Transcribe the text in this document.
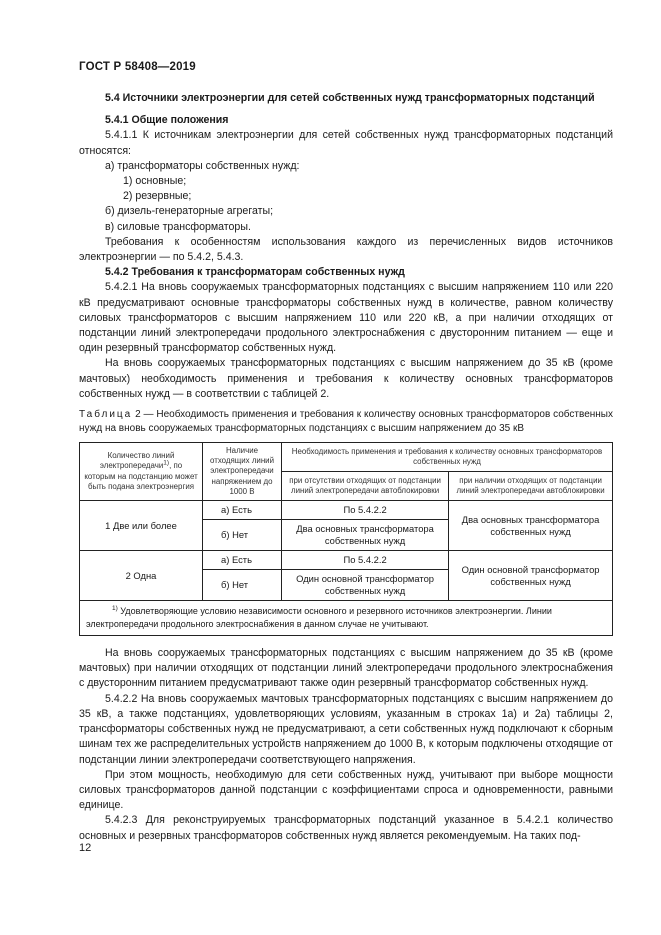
ГОСТ Р 58408—2019

5.4 Источники электроэнергии для сетей собственных нужд трансформаторных подстанций

5.4.1 Общие положения

5.4.1.1 К источникам электроэнергии для сетей собственных нужд трансформаторных подстанций относятся:

а) трансформаторы собственных нужд:

1) основные;

2) резервные;

б) дизель-генераторные агрегаты;

в) силовые трансформаторы.

Требования к особенностям использования каждого из перечисленных видов источников электроэнергии — по 5.4.2, 5.4.3.

5.4.2 Требования к трансформаторам собственных нужд

5.4.2.1 На вновь сооружаемых трансформаторных подстанциях с высшим напряжением 110 или 220 кВ предусматривают основные трансформаторы собственных нужд в количестве, равном количеству силовых трансформаторов с высшим напряжением 110 или 220 кВ, а при наличии отходящих от подстанции линий электропередачи продольного электроснабжения с двусторонним питанием — еще и один резервный трансформатор собственных нужд.

На вновь сооружаемых трансформаторных подстанциях с высшим напряжением до 35 кВ (кроме мачтовых) необходимость применения и требования к количеству основных трансформаторов собственных нужд — в соответствии с таблицей 2.

Таблица 2 — Необходимость применения и требования к количеству основных трансформаторов собственных нужд на вновь сооружаемых трансформаторных подстанциях с высшим напряжением до 35 кВ

Количество линий электропередачи$^{1)}$, по которым на подстанцию может быть подана электроэнергия	Наличие отходящих линий электропередачи напряжением до 1000 В	Необходимость применения и требования к количеству основных трансформаторов собственных нужд	
		при отсутствии отходящих от подстанции линий электропередачи автоблокировки	при наличии отходящих от подстанции линий электропередачи автоблокировки
1 Две или более	а) Есть	По 5.4.2.2	Два основных трансформатора собственных нужд
	б) Нет	Два основных трансформатора собственных нужд	
2 Одна	а) Есть	По 5.4.2.2	Один основной трансформатор собственных нужд
	б) Нет	Один основной трансформатор собственных нужд	
$^{1)}$ Удовлетворяющие условию независимости основного и резервного источников электроэнергии. Линии электропередачи продольного электроснабжения в данном случае не учитывают.			

На вновь сооружаемых трансформаторных подстанциях с высшим напряжением до 35 кВ (кроме мачтовых) при наличии отходящих от подстанции линий электропередачи продольного электроснабжения с двусторонним питанием предусматривают также один резервный трансформатор собственных нужд.

5.4.2.2 На вновь сооружаемых мачтовых трансформаторных подстанциях с высшим напряжением до 35 кВ, а также подстанциях, удовлетворяющих условиям, указанным в строках 1а) и 2а) таблицы 2, трансформаторы собственных нужд не предусматривают, а сети собственных нужд подключают к сборным шинам тех же распределительных устройств напряжением до 1000 В, к которым подключены отходящие от подстанции линии электропередачи соответствующего напряжения.

При этом мощность, необходимую для сети собственных нужд, учитывают при выборе мощности силовых трансформаторов данной подстанции с коэффициентами спроса и одновременности, равными единице.

5.4.2.3 Для реконструируемых трансформаторных подстанций указанное в 5.4.2.1 количество основных и резервных трансформаторов собственных нужд является рекомендуемым. На таких под-

12
